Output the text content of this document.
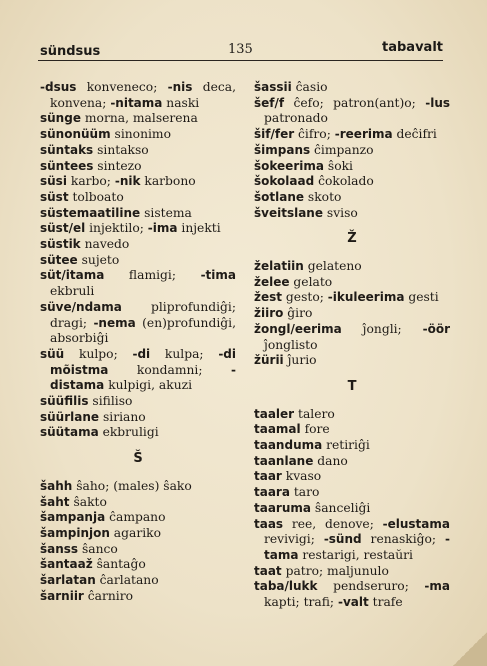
sündsus	135	tabavalt

-dsus konveneco; -nis deca, konvena; -nitama naski

sünge morna, malserena

sünonüüm sinonimo

süntaks sintakso

süntees sintezo

süsi karbo; -nik karbono

süst tolboato

süstemaatiline sistema

süst/el injektilo; -ima injekti

süstik navedo

sütee sujeto

süt/itama flamigi; -tima ekbruli

süve/ndama pliprofundiĝi; dragi; -nema (en)profundiĝi, absorbiĝi

süü kulpo; -di kulpa; -di mõistma kondamni; -distama kulpigi, akuzi

süüfilis sifiliso

süürlane siriano

süütama ekbruligi

Š

šahh ŝaho; (males) ŝako

šaht ŝakto

šampanja ĉampano

šampinjon agariko

šanss ŝanco

šantaaž ŝantaĝo

šarlatan ĉarlatano

šarniir ĉarniro

šassii ĉasio

šef/f ĉefo; patron(ant)o; -lus patronado

šif/fer ĉifro; -reerima deĉifri

šimpans ĉimpanzo

šokeerima ŝoki

šokolaad ĉokolado

šotlane skoto

šveitslane sviso

Ž

želatiin gelateno

želee gelato

žest gesto; -ikuleerima gesti

žiiro ĝiro

žongl/eerima ĵongli; -öör ĵonglisto

žürii ĵurio

T

taaler talero

taamal fore

taanduma retiriĝi

taanlane dano

taar kvaso

taara taro

taaruma ŝanceliĝi

taas ree, denove; -elustama revivigi; -sünd renaskiĝo; -tama restarigi, restaŭri

taat patro; maljunulo

taba/lukk pendseruro; -ma kapti; trafi; -valt trafe
